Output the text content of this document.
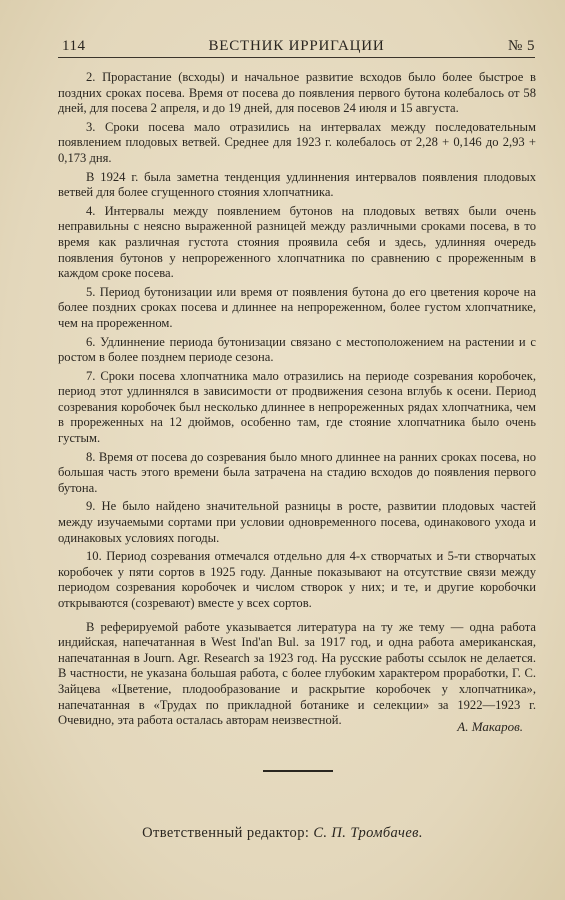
114	ВЕСТНИК ИРРИГАЦИИ	№ 5

2. Прорастание (всходы) и начальное развитие всходов было более быстрое в поздних сроках посева. Время от посева до появления первого бутона колебалось от 58 дней, для посева 2 апреля, и до 19 дней, для посевов 24 июля и 15 августа.

3. Сроки посева мало отразились на интервалах между последовательным появлением плодовых ветвей. Среднее для 1923 г. колебалось от 2,28 + 0,146 до 2,93 + 0,173 дня.

В 1924 г. была заметна тенденция удлиннения интервалов появления плодовых ветвей для более сгущенного стояния хлопчатника.

4. Интервалы между появлением бутонов на плодовых ветвях были очень неправильны с неясно выраженной разницей между различными сроками посева, в то время как различная густота стояния проявила себя и здесь, удлинняя очередь появления бутонов у непрореженного хлопчатника по сравнению с прореженным в каждом сроке посева.

5. Период бутонизации или время от появления бутона до его цветения короче на более поздних сроках посева и длиннее на непрореженном, более густом хлопчатнике, чем на прореженном.

6. Удлиннение периода бутонизации связано с местоположением на растении и с ростом в более позднем периоде сезона.

7. Сроки посева хлопчатника мало отразились на периоде созревания коробочек, период этот удлиннялся в зависимости от продвижения сезона вглубь к осени. Период созревания коробочек был несколько длиннее в непрореженных рядах хлопчатника, чем в прореженных на 12 дюймов, особенно там, где стояние хлопчатника было очень густым.

8. Время от посева до созревания было много длиннее на ранних сроках посева, но большая часть этого времени была затрачена на стадию всходов до появления первого бутона.

9. Не было найдено значительной разницы в росте, развитии плодовых частей между изучаемыми сортами при условии одновременного посева, одинакового ухода и одинаковых условиях погоды.

10. Период созревания отмечался отдельно для 4-х створчатых и 5-ти створчатых коробочек у пяти сортов в 1925 году. Данные показывают на отсутствие связи между периодом созревания коробочек и числом створок у них; и те, и другие коробочки открываются (созревают) вместе у всех сортов.

В реферируемой работе указывается литература на ту же тему — одна работа индийская, напечатанная в West Ind'an Bul. за 1917 год, и одна работа американская, напечатанная в Journ. Agr. Research за 1923 год. На русские работы ссылок не делается. В частности, не указана большая работа, с более глубоким характером проработки, Г. С. Зайцева «Цветение, плодообразование и раскрытие коробочек у хлопчатника», напечатанная в «Трудах по прикладной ботанике и селекции» за 1922—1923 г. Очевидно, эта работа осталась авторам неизвестной.	А. Макаров.
Ответственный редактор: С. П. Тромбачев.
